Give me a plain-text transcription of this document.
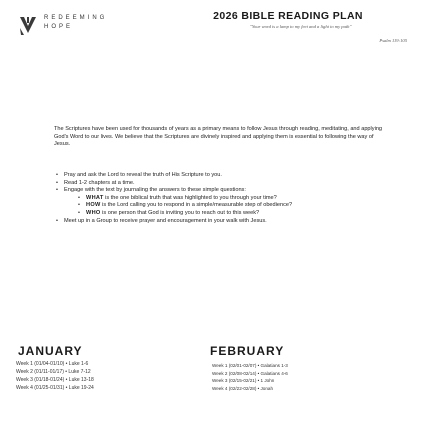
REDEEMING
HOPE
2026 BIBLE READING PLAN
"Your word is a lamp to my feet and a light to my path"
Psalm 119:105
The Scriptures have been used for thousands of years as a primary means to follow Jesus through reading, meditating, and applying God's Word to our lives. We believe that the Scriptures are divinely inspired and applying them is essential to following the way of Jesus.
• Pray and ask the Lord to reveal the truth of His Scripture to you.
• Read 1-2 chapters at a time.
• Engage with the text by journaling the answers to these simple questions:
• WHAT is the one biblical truth that was highlighted to you through your time?
• HOW is the Lord calling you to respond in a simple/measurable step of obedience?
• WHO is one person that God is inviting you to reach out to this week?
• Meet up in a Group to receive prayer and encouragement in your walk with Jesus.
JANUARY
Week 1 (01/04-01/10) • Luke 1-6
Week 2 (01/11-01/17) • Luke 7-12
Week 3 (01/18-01/24) • Luke 13-18
Week 4 (01/25-01/31) • Luke 19-24
FEBRUARY
Week 1 (02/01-02/07) • Galatians 1-3
Week 2 (02/08-02/14) • Galatians 4-6
Week 3 (02/15-02/21) • 1 John
Week 4 (02/22-02/28) • Jonah
